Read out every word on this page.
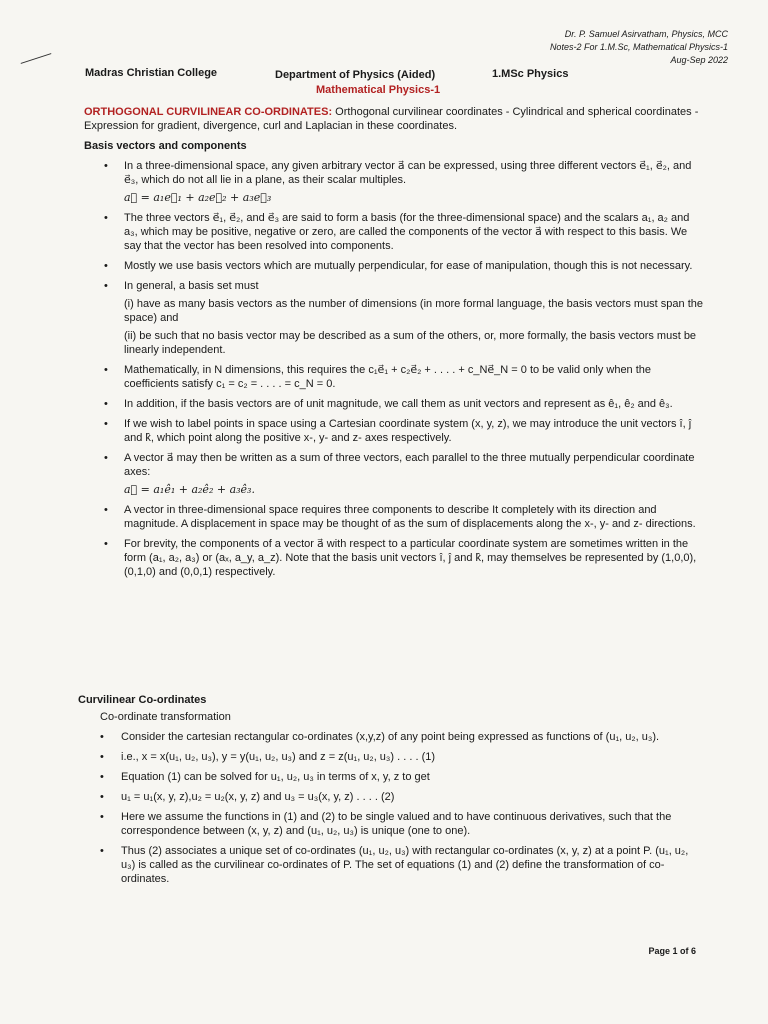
Dr. P. Samuel Asirvatham, Physics, MCC
Notes-2 For 1.M.Sc, Mathematical Physics-1
Aug-Sep 2022
Madras Christian College	Department of Physics (Aided)	1.MSc Physics
Mathematical Physics-1

ORTHOGONAL CURVILINEAR CO-ORDINATES: Orthogonal curvilinear coordinates - Cylindrical and spherical coordinates - Expression for gradient, divergence, curl and Laplacian in these coordinates.

Basis vectors and components
• In a three-dimensional space, any given arbitrary vector a⃗ can be expressed, using three different vectors e⃗₁, e⃗₂, and e⃗₃, which do not all lie in a plane, as their scalar multiples.
a⃗ = a₁e⃗₁ + a₂e⃗₂ + a₃e⃗₃
• The three vectors e⃗₁, e⃗₂, and e⃗₃ are said to form a basis (for the three-dimensional space) and the scalars a₁, a₂ and a₃, which may be positive, negative or zero, are called the components of the vector a⃗ with respect to this basis. We say that the vector has been resolved into components.
• Mostly we use basis vectors which are mutually perpendicular, for ease of manipulation, though this is not necessary.
• In general, a basis set must
(i) have as many basis vectors as the number of dimensions (in more formal language, the basis vectors must span the space) and
(ii) be such that no basis vector may be described as a sum of the others, or, more formally, the basis vectors must be linearly independent.
• Mathematically, in N dimensions, this requires the c₁e⃗₁ + c₂e⃗₂ + . . . . + c_Ne⃗_N = 0 to be valid only when the coefficients satisfy c₁ = c₂ = . . . . = c_N = 0.
• In addition, if the basis vectors are of unit magnitude, we call them as unit vectors and represent as ê₁, ê₂ and ê₃.
• If we wish to label points in space using a Cartesian coordinate system (x, y, z), we may introduce the unit vectors î, ĵ and k̂, which point along the positive x-, y- and z- axes respectively.
• A vector a⃗ may then be written as a sum of three vectors, each parallel to the three mutually perpendicular coordinate axes:
a⃗ = a₁ê₁ + a₂ê₂ + a₃ê₃.
• A vector in three-dimensional space requires three components to describe It completely with its direction and magnitude. A displacement in space may be thought of as the sum of displacements along the x-, y- and z- directions.
• For brevity, the components of a vector a⃗ with respect to a particular coordinate system are sometimes written in the form (a₁, a₂, a₃) or (aₓ, a_y, a_z). Note that the basis unit vectors î, ĵ and k̂, may themselves be represented by (1,0,0), (0,1,0) and (0,0,1) respectively.
Curvilinear Co-ordinates
Co-ordinate transformation
• Consider the cartesian rectangular co-ordinates (x,y,z) of any point being expressed as functions of (u₁, u₂, u₃).
• i.e., x = x(u₁, u₂, u₃), y = y(u₁, u₂, u₃) and z = z(u₁, u₂, u₃) . . . . (1)
• Equation (1) can be solved for u₁, u₂, u₃ in terms of x, y, z to get
• u₁ = u₁(x, y, z),u₂ = u₂(x, y, z) and u₃ = u₃(x, y, z) . . . . (2)
• Here we assume the functions in (1) and (2) to be single valued and to have continuous derivatives, such that the correspondence between (x, y, z) and (u₁, u₂, u₃) is unique (one to one).
• Thus (2) associates a unique set of co-ordinates (u₁, u₂, u₃) with rectangular co-ordinates (x, y, z) at a point P. (u₁, u₂, u₃) is called as the curvilinear co-ordinates of P. The set of equations (1) and (2) define the transformation of co-ordinates.
Page 1 of 6
